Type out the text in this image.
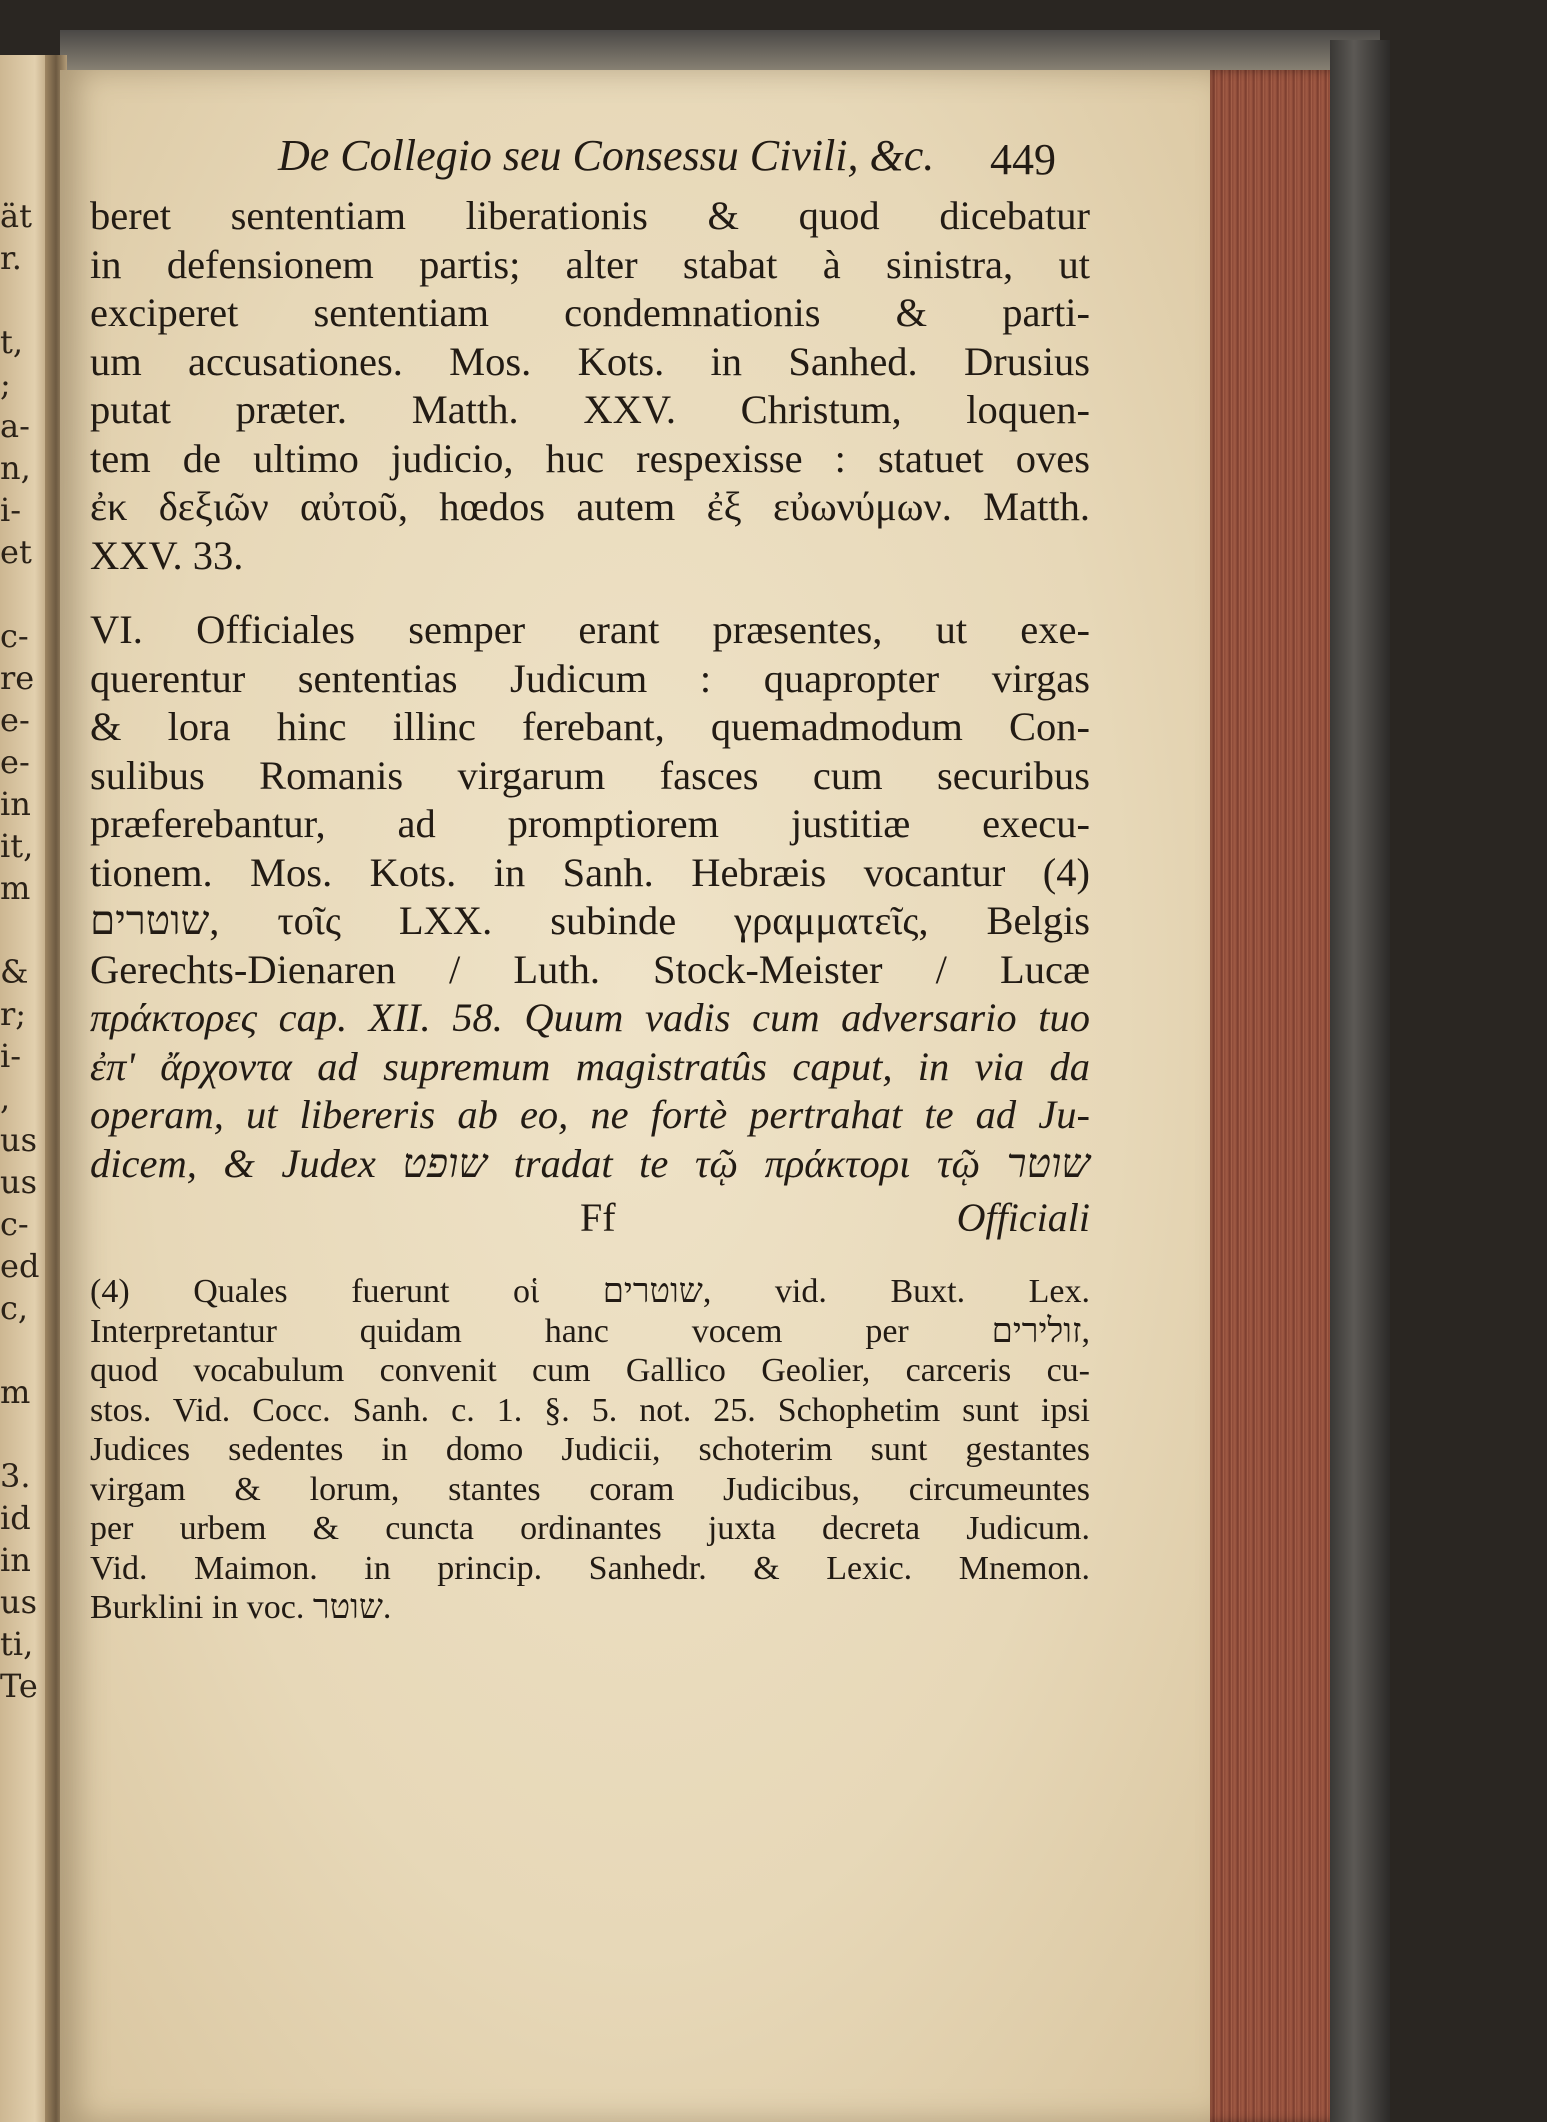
ät
r.

t,
;
a-
n,
i-
et

c-
re
e-
e-
in
it,
m

&
r;
i-
,
us
us
c-
ed
c,

m

3.
id
in
us
ti,
Te
De Collegio seu Consessu Civili, &c. 449

beret sententiam liberationis & quod dicebatur

in defensionem partis; alter stabat à sinistra, ut

exciperet sententiam condemnationis & parti-

um accusationes. Mos. Kots. in Sanhed. Drusius

putat præter. Matth. XXV. Christum, loquen-

tem de ultimo judicio, huc respexisse : statuet oves

ἐκ δεξιῶν αὐτοῦ, hœdos autem ἐξ εὐωνύμων. Matth.

XXV. 33.

VI. Officiales semper erant præsentes, ut exe-

querentur sententias Judicum : quapropter virgas

& lora hinc illinc ferebant, quemadmodum Con-

sulibus Romanis virgarum fasces cum securibus

præferebantur, ad promptiorem justitiæ execu-

tionem. Mos. Kots. in Sanh. Hebræis vocantur (4)

שוטרים, τοῖς LXX. subinde γραμματεῖς, Belgis

Gerechts-Dienaren / Luth. Stock-Meister / Lucæ

πράκτορες cap. XII. 58. Quum vadis cum adversario tuo

ἐπ' ἄρχοντα ad supremum magistratûs caput, in via da

operam, ut libereris ab eo, ne fortè pertrahat te ad Ju-

dicem, & Judex שופט tradat te τῷ πράκτορι τῷ שוטר

Ff	Officiali

(4) Quales fuerunt οἱ שוטרים, vid. Buxt. Lex.

Interpretantur quidam hanc vocem per זולירים,

quod vocabulum convenit cum Gallico Geolier, carceris cu-

stos. Vid. Cocc. Sanh. c. 1. §. 5. not. 25. Schophetim sunt ipsi

Judices sedentes in domo Judicii, schoterim sunt gestantes

virgam & lorum, stantes coram Judicibus, circumeuntes

per urbem & cuncta ordinantes juxta decreta Judicum.

Vid. Maimon. in princip. Sanhedr. & Lexic. Mnemon.

Burklini in voc. שוטר.
